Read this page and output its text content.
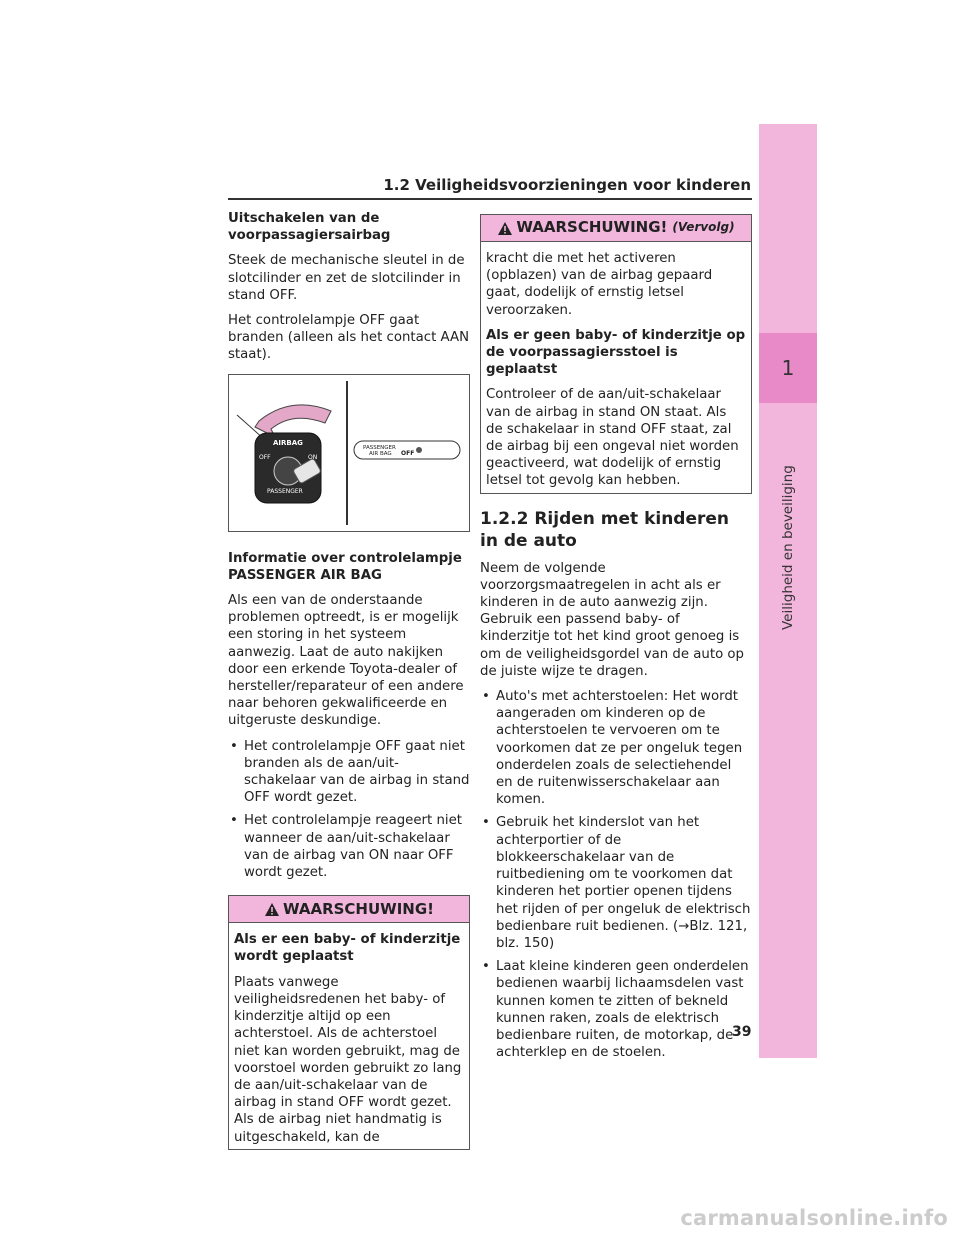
1
Veiligheid en beveiliging
1.2 Veiligheidsvoorzieningen voor kinderen

Uitschakelen van de voorpassagiersairbag

Steek de mechanische sleutel in de slotcilinder en zet de slotcilinder in stand OFF.

Het controlelampje OFF gaat branden (alleen als het contact AAN staat).

AIRBAG
OFF	ON
PASSENGER
PASSENGER
AIR BAG OFF

Informatie over controlelampje PASSENGER AIR BAG

Als een van de onderstaande problemen optreedt, is er mogelijk een storing in het systeem aanwezig. Laat de auto nakijken door een erkende Toyota-dealer of hersteller/reparateur of een andere naar behoren gekwalificeerde en uitgeruste deskundige.

• Het controlelampje OFF gaat niet branden als de aan/uit-schakelaar van de airbag in stand OFF wordt gezet.
• Het controlelampje reageert niet wanneer de aan/uit-schakelaar van de airbag van ON naar OFF wordt gezet.
WAARSCHUWING!

Als er een baby- of kinderzitje wordt geplaatst

Plaats vanwege veiligheidsredenen het baby- of kinderzitje altijd op een achterstoel. Als de achterstoel niet kan worden gebruikt, mag de voorstoel worden gebruikt zo lang de aan/uit-schakelaar van de airbag in stand OFF wordt gezet. Als de airbag niet handmatig is uitgeschakeld, kan de

WAARSCHUWING! (Vervolg)

kracht die met het activeren (opblazen) van de airbag gepaard gaat, dodelijk of ernstig letsel veroorzaken.

Als er geen baby- of kinderzitje op de voorpassagiersstoel is geplaatst

Controleer of de aan/uit-schakelaar van de airbag in stand ON staat. Als de schakelaar in stand OFF staat, zal de airbag bij een ongeval niet worden geactiveerd, wat dodelijk of ernstig letsel tot gevolg kan hebben.

1.2.2 Rijden met kinderen in de auto

Neem de volgende voorzorgsmaatregelen in acht als er kinderen in de auto aanwezig zijn. Gebruik een passend baby- of kinderzitje tot het kind groot genoeg is om de veiligheidsgordel van de auto op de juiste wijze te dragen.

• Auto's met achterstoelen: Het wordt aangeraden om kinderen op de achterstoelen te vervoeren om te voorkomen dat ze per ongeluk tegen onderdelen zoals de selectiehendel en de ruitenwisserschakelaar aan komen.
• Gebruik het kinderslot van het achterportier of de blokkeerschakelaar van de ruitbediening om te voorkomen dat kinderen het portier openen tijdens het rijden of per ongeluk de elektrisch bedienbare ruit bedienen. (→Blz. 121, blz. 150)
• Laat kleine kinderen geen onderdelen bedienen waarbij lichaamsdelen vast kunnen komen te zitten of bekneld kunnen raken, zoals de elektrisch bedienbare ruiten, de motorkap, de achterklep en de stoelen.
39
carmanualsonline.info
